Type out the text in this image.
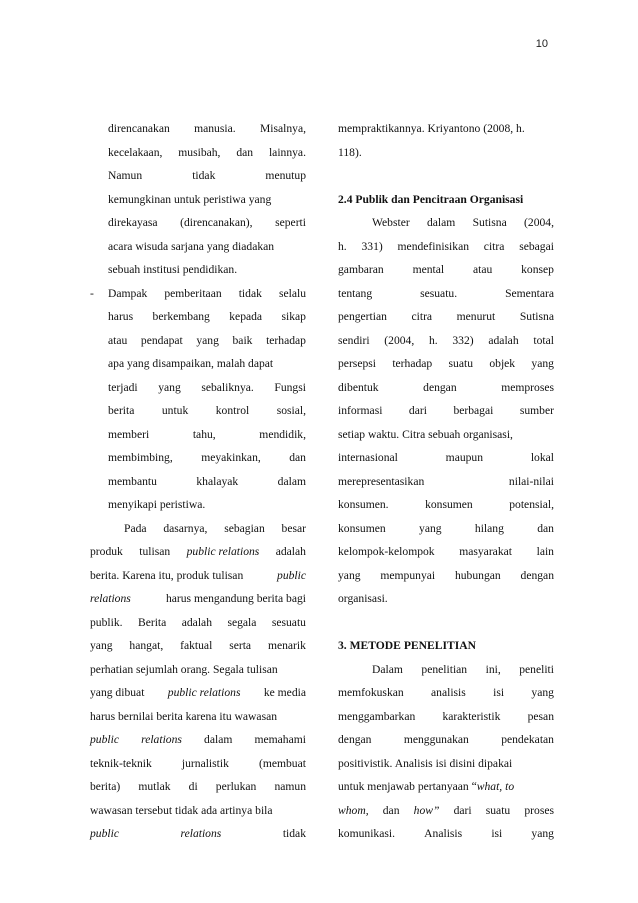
10
direncanakan manusia. Misalnya,
kecelakaan, musibah, dan lainnya.
Namun	tidak	menutup
kemungkinan untuk peristiwa yang
direkayasa (direncanakan), seperti
acara wisuda sarjana yang diadakan
sebuah institusi pendidikan.
Dampak pemberitaan tidak selalu
-
harus berkembang kepada sikap
atau pendapat yang baik terhadap
apa yang disampaikan, malah dapat
terjadi yang sebaliknya. Fungsi
berita untuk kontrol sosial,
memberi	tahu,	mendidik,
membimbing, meyakinkan, dan
membantu	khalayak	dalam
menyikapi peristiwa.
Pada dasarnya, sebagian besar
produk tulisan public relations adalah
berita. Karena itu, produk tulisan	public
relations	harus mengandung berita bagi
publik. Berita adalah segala sesuatu
yang hangat, faktual serta menarik
perhatian sejumlah orang. Segala tulisan
yang dibuat public relations ke media
harus bernilai berita karena itu wawasan
public relations dalam memahami
teknik-teknik	jurnalistik	(membuat
berita) mutlak di perlukan namun
wawasan tersebut tidak ada artinya bila
public	relations	tidak
mempraktikannya. Kriyantono (2008, h.
118).
2.4 Publik dan Pencitraan Organisasi
Webster dalam Sutisna (2004,
h. 331) mendefinisikan citra sebagai
gambaran mental atau konsep
tentang	sesuatu.	Sementara
pengertian citra menurut Sutisna
sendiri (2004, h. 332) adalah total
persepsi terhadap suatu objek yang
dibentuk	dengan	memproses
informasi dari berbagai sumber
setiap waktu. Citra sebuah organisasi,
internasional	maupun	lokal
merepresentasikan	nilai-nilai
konsumen.	konsumen	potensial,
konsumen	yang	hilang	dan
kelompok-kelompok masyarakat lain
yang mempunyai hubungan dengan
organisasi.
3. METODE PENELITIAN
Dalam penelitian ini, peneliti
memfokuskan analisis isi yang
menggambarkan karakteristik pesan
dengan	menggunakan	pendekatan
positivistik. Analisis isi disini dipakai
untuk menjawab pertanyaan “what, to
whom, dan how” dari suatu proses
komunikasi.	Analisis	isi	yang
